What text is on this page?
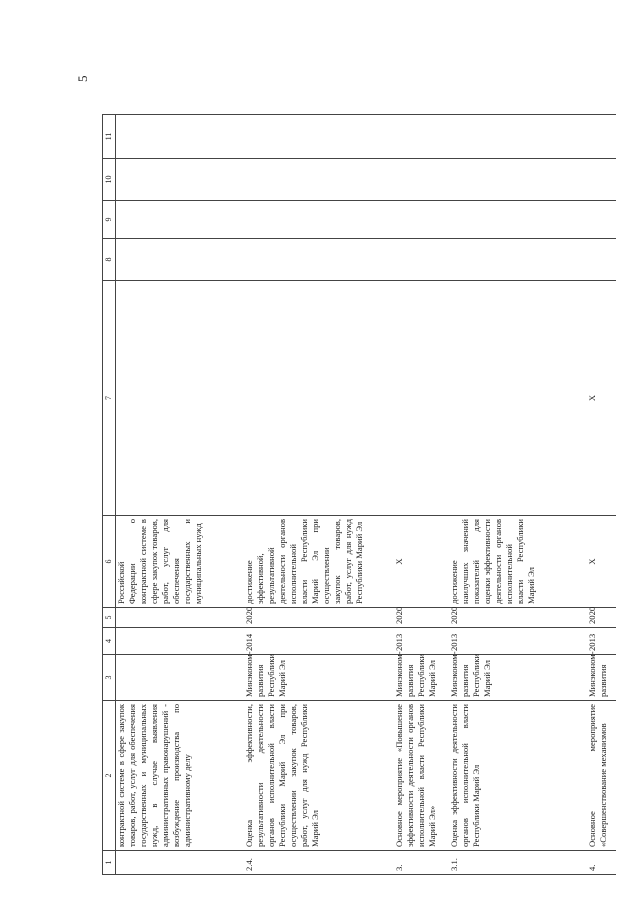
5
1	2	3	4	5	6	7	8	9	10	11
	контрактной системе в сфере закупок товаров, работ, услуг для обеспечения государственных и муниципальных нужд, в случае выявления административных правонарушений - возбуждение производства по административному делу				Российской Федерации о контрактной системе в сфере закупок товаров, работ, услуг для обеспечения государственных и муниципальных нужд					
2.4.	Оценка эффективности, результативности деятельности органов исполнительной власти Республики Марий Эл при осуществлении закупок товаров, работ, услуг для нужд Республики Марий Эл	Минэконом-развития Республики Марий Эл	2014	2020	достижение эффективной, результативной деятельности органов исполнительной власти Республики Марий Эл при осуществлении закупок товаров, работ, услуг для нужд Республики Марий Эл					
3.	Основное мероприятие «Повышение эффективности деятельности органов исполнительной власти Республики Марий Эл»	Минэконом-развития Республики Марий Эл	2013	2020	Х					
3.1.	Оценка эффективности деятельности органов исполнительной власти Республики Марий Эл	Минэконом-развития Республики Марий Эл	2013	2020	достижение наилучших значений показателей для оценки эффективности деятельности органов исполнительной власти Республики Марий Эл					
4.	Основное мероприятие «Совершенствование механизмов	Минэконом-развития	2013	2020	Х	Х				
